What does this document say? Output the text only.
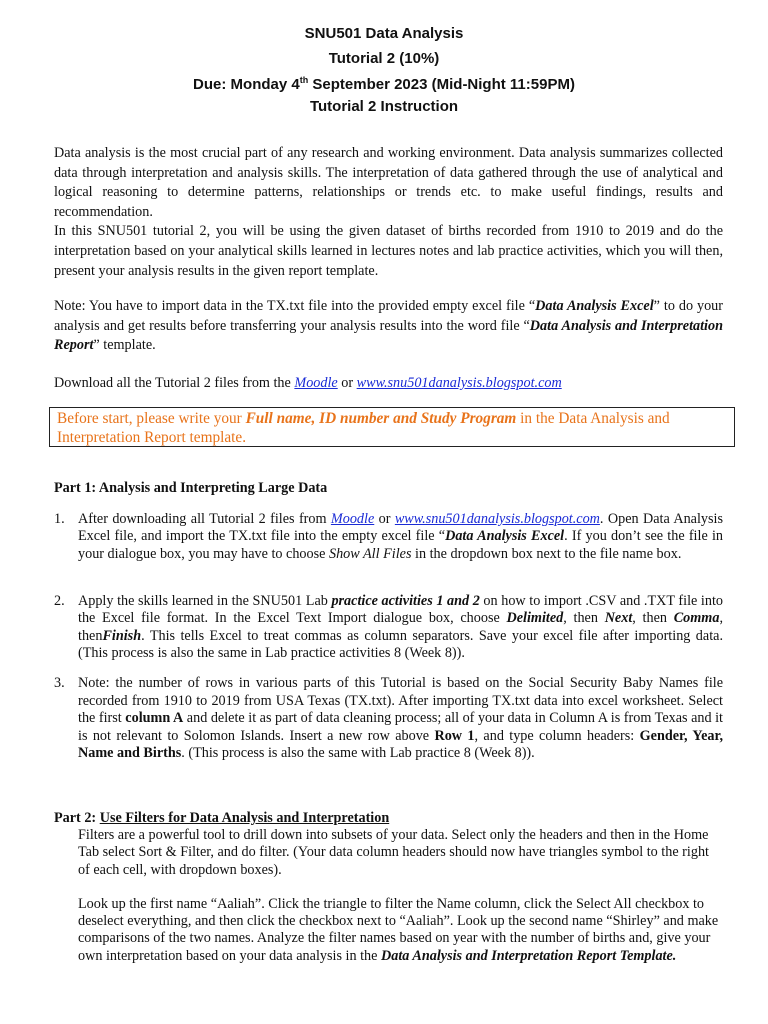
SNU501 Data Analysis
Tutorial 2 (10%)
Due: Monday 4th September 2023 (Mid-Night 11:59PM)
Tutorial 2 Instruction

Data analysis is the most crucial part of any research and working environment. Data analysis summarizes collected data through interpretation and analysis skills. The interpretation of data gathered through the use of analytical and logical reasoning to determine patterns, relationships or trends etc. to make useful findings, results and recommendation.

In this SNU501 tutorial 2, you will be using the given dataset of births recorded from 1910 to 2019 and do the interpretation based on your analytical skills learned in lectures notes and lab practice activities, which you will then, present your analysis results in the given report template.

Note: You have to import data in the TX.txt file into the provided empty excel file “Data Analysis Excel” to do your analysis and get results before transferring your analysis results into the word file “Data Analysis and Interpretation Report” template.
Download all the Tutorial 2 files from the Moodle or www.snu501danalysis.blogspot.com
Before start, please write your Full name, ID number and Study Program in the Data Analysis and Interpretation Report template.
Part 1: Analysis and Interpreting Large Data
1. After downloading all Tutorial 2 files from Moodle or www.snu501danalysis.blogspot.com. Open Data Analysis Excel file, and import the TX.txt file into the empty excel file “Data Analysis Excel. If you don’t see the file in your dialogue box, you may have to choose Show All Files in the dropdown box next to the file name box.
2. Apply the skills learned in the SNU501 Lab practice activities 1 and 2 on how to import .CSV and .TXT file into the Excel file format. In the Excel Text Import dialogue box, choose Delimited, then Next, then Comma, thenFinish. This tells Excel to treat commas as column separators. Save your excel file after importing data. (This process is also the same in Lab practice activities 8 (Week 8)).
3. Note: the number of rows in various parts of this Tutorial is based on the Social Security Baby Names file recorded from 1910 to 2019 from USA Texas (TX.txt). After importing TX.txt data into excel worksheet. Select the first column A and delete it as part of data cleaning process; all of your data in Column A is from Texas and it is not relevant to Solomon Islands. Insert a new row above Row 1, and type column headers: Gender, Year, Name and Births. (This process is also the same with Lab practice 8 (Week 8)).
Part 2: Use Filters for Data Analysis and Interpretation

Filters are a powerful tool to drill down into subsets of your data. Select only the headers and then in the Home Tab select Sort & Filter, and do filter. (Your data column headers should now have triangles symbol to the right of each cell, with dropdown boxes).

Look up the first name “Aaliah”. Click the triangle to filter the Name column, click the Select All checkbox to deselect everything, and then click the checkbox next to “Aaliah”. Look up the second name “Shirley” and make comparisons of the two names. Analyze the filter names based on year with the number of births and, give your own interpretation based on your data analysis in the Data Analysis and Interpretation Report Template.
